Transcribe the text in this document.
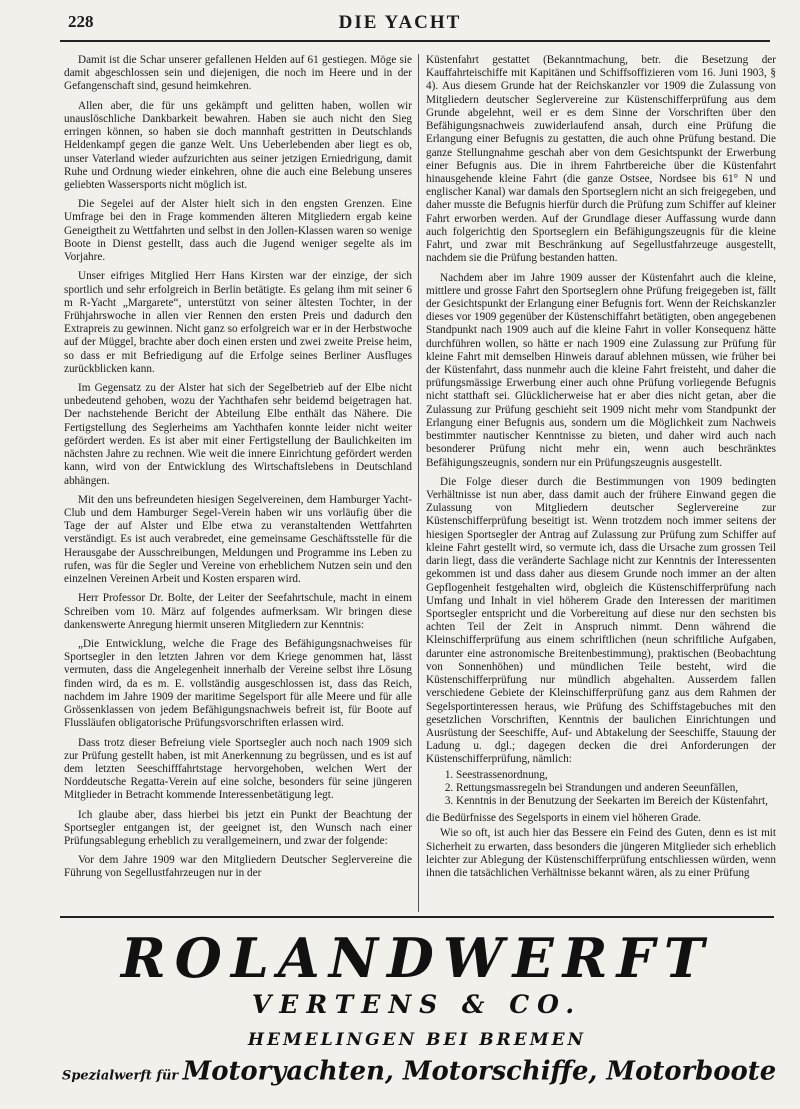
228	DIE YACHT

Damit ist die Schar unserer gefallenen Helden auf 61 gestiegen. Möge sie damit abgeschlossen sein und diejenigen, die noch im Heere und in der Gefangenschaft sind, gesund heimkehren.

Allen aber, die für uns gekämpft und gelitten haben, wollen wir unauslöschliche Dankbarkeit bewahren. Haben sie auch nicht den Sieg erringen können, so haben sie doch mannhaft gestritten in Deutschlands Heldenkampf gegen die ganze Welt. Uns Ueberlebenden aber liegt es ob, unser Vaterland wieder aufzurichten aus seiner jetzigen Erniedrigung, damit Ruhe und Ordnung wieder einkehren, ohne die auch eine Belebung unseres geliebten Wassersports nicht möglich ist.

Die Segelei auf der Alster hielt sich in den engsten Grenzen. Eine Umfrage bei den in Frage kommenden älteren Mitgliedern ergab keine Geneigtheit zu Wettfahrten und selbst in den Jollen-Klassen waren so wenige Boote in Dienst gestellt, dass auch die Jugend weniger segelte als im Vorjahre.

Unser eifriges Mitglied Herr Hans Kirsten war der einzige, der sich sportlich und sehr erfolgreich in Berlin betätigte. Es gelang ihm mit seiner 6 m R-Yacht „Margarete“, unterstützt von seiner ältesten Tochter, in der Frühjahrswoche in allen vier Rennen den ersten Preis und dadurch den Extrapreis zu gewinnen. Nicht ganz so erfolgreich war er in der Herbstwoche auf der Müggel, brachte aber doch einen ersten und zwei zweite Preise heim, so dass er mit Befriedigung auf die Erfolge seines Berliner Ausfluges zurückblicken kann.

Im Gegensatz zu der Alster hat sich der Segelbetrieb auf der Elbe nicht unbedeutend gehoben, wozu der Yachthafen sehr beidemd beigetragen hat. Der nachstehende Bericht der Abteilung Elbe enthält das Nähere. Die Fertigstellung des Seglerheims am Yachthafen konnte leider nicht weiter gefördert werden. Es ist aber mit einer Fertigstellung der Baulichkeiten im nächsten Jahre zu rechnen. Wie weit die innere Einrichtung gefördert werden kann, wird von der Entwicklung des Wirtschaftslebens in Deutschland abhängen.

Mit den uns befreundeten hiesigen Segelvereinen, dem Hamburger Yacht-Club und dem Hamburger Segel-Verein haben wir uns vorläufig über die Tage der auf Alster und Elbe etwa zu veranstaltenden Wettfahrten verständigt. Es ist auch verabredet, eine gemeinsame Geschäftsstelle für die Herausgabe der Ausschreibungen, Meldungen und Programme ins Leben zu rufen, was für die Segler und Vereine von erheblichem Nutzen sein und den einzelnen Vereinen Arbeit und Kosten ersparen wird.

Herr Professor Dr. Bolte, der Leiter der Seefahrtschule, macht in einem Schreiben vom 10. März auf folgendes aufmerksam. Wir bringen diese dankenswerte Anregung hiermit unseren Mitgliedern zur Kenntnis:

„Die Entwicklung, welche die Frage des Befähigungsnachweises für Sportsegler in den letzten Jahren vor dem Kriege genommen hat, lässt vermuten, dass die Angelegenheit innerhalb der Vereine selbst ihre Lösung finden wird, da es m. E. vollständig ausgeschlossen ist, dass das Reich, nachdem im Jahre 1909 der maritime Segelsport für alle Meere und für alle Grössenklassen von jedem Befähigungsnachweis befreit ist, für Boote auf Flussläufen obligatorische Prüfungsvorschriften erlassen wird.

Dass trotz dieser Befreiung viele Sportsegler auch noch nach 1909 sich zur Prüfung gestellt haben, ist mit Anerkennung zu begrüssen, und es ist auf dem letzten Seeschifffahrtstage hervorgehoben, welchen Wert der Norddeutsche Regatta-Verein auf eine solche, besonders für seine jüngeren Mitglieder in Betracht kommende Interessenbetätigung legt.

Ich glaube aber, dass hierbei bis jetzt ein Punkt der Beachtung der Sportsegler entgangen ist, der geeignet ist, den Wunsch nach einer Prüfungsablegung erheblich zu verallgemeinern, und zwar der folgende:

Vor dem Jahre 1909 war den Mitgliedern Deutscher Seglervereine die Führung von Segellustfahrzeugen nur in der

Küstenfahrt gestattet (Bekanntmachung, betr. die Besetzung der Kauffahrteischiffe mit Kapitänen und Schiffsoffizieren vom 16. Juni 1903, § 4). Aus diesem Grunde hat der Reichskanzler vor 1909 die Zulassung von Mitgliedern deutscher Seglervereine zur Küstenschifferprüfung aus dem Grunde abgelehnt, weil er es dem Sinne der Vorschriften über den Befähigungsnachweis zuwiderlaufend ansah, durch eine Prüfung die Erlangung einer Befugnis zu gestatten, die auch ohne Prüfung bestand. Die ganze Stellungnahme geschah aber von dem Gesichtspunkt der Erwerbung einer Befugnis aus. Die in ihrem Fahrtbereiche über die Küstenfahrt hinausgehende kleine Fahrt (die ganze Ostsee, Nordsee bis 61° N und englischer Kanal) war damals den Sportseglern nicht an sich freigegeben, und daher musste die Befugnis hierfür durch die Prüfung zum Schiffer auf kleiner Fahrt erworben werden. Auf der Grundlage dieser Auffassung wurde dann auch folgerichtig den Sportseglern ein Befähigungszeugnis für die kleine Fahrt, und zwar mit Beschränkung auf Segellustfahrzeuge ausgestellt, nachdem sie die Prüfung bestanden hatten.

Nachdem aber im Jahre 1909 ausser der Küstenfahrt auch die kleine, mittlere und grosse Fahrt den Sportseglern ohne Prüfung freigegeben ist, fällt der Gesichtspunkt der Erlangung einer Befugnis fort. Wenn der Reichskanzler dieses vor 1909 gegenüber der Küstenschiffahrt betätigten, oben angegebenen Standpunkt nach 1909 auch auf die kleine Fahrt in voller Konsequenz hätte durchführen wollen, so hätte er nach 1909 eine Zulassung zur Prüfung für kleine Fahrt mit demselben Hinweis darauf ablehnen müssen, wie früher bei der Küstenfahrt, dass nunmehr auch die kleine Fahrt freisteht, und daher die prüfungsmässige Erwerbung einer auch ohne Prüfung vorliegende Befugnis nicht statthaft sei. Glücklicherweise hat er aber dies nicht getan, aber die Zulassung zur Prüfung geschieht seit 1909 nicht mehr vom Standpunkt der Erlangung einer Befugnis aus, sondern um die Möglichkeit zum Nachweis bestimmter nautischer Kenntnisse zu bieten, und daher wird auch nach besonderer Prüfung nicht mehr ein, wenn auch beschränktes Befähigungszeugnis, sondern nur ein Prüfungszeugnis ausgestellt.

Die Folge dieser durch die Bestimmungen von 1909 bedingten Verhältnisse ist nun aber, dass damit auch der frühere Einwand gegen die Zulassung von Mitgliedern deutscher Seglervereine zur Küstenschifferprüfung beseitigt ist. Wenn trotzdem noch immer seitens der hiesigen Sportsegler der Antrag auf Zulassung zur Prüfung zum Schiffer auf kleine Fahrt gestellt wird, so vermute ich, dass die Ursache zum grossen Teil darin liegt, dass die veränderte Sachlage nicht zur Kenntnis der Interessenten gekommen ist und dass daher aus diesem Grunde noch immer an der alten Gepflogenheit festgehalten wird, obgleich die Küstenschifferprüfung nach Umfang und Inhalt in viel höherem Grade den Interessen der maritimen Sportsegler entspricht und die Vorbereitung auf diese nur den sechsten bis achten Teil der Zeit in Anspruch nimmt. Denn während die Kleinschifferprüfung aus einem schriftlichen (neun schriftliche Aufgaben, darunter eine astronomische Breitenbestimmung), praktischen (Beobachtung von Sonnenhöhen) und mündlichen Teile besteht, wird die Küstenschifferprüfung nur mündlich abgehalten. Ausserdem fallen verschiedene Gebiete der Kleinschifferprüfung ganz aus dem Rahmen der Segelsportinteressen heraus, wie Prüfung des Schiffstagebuches mit den gesetzlichen Vorschriften, Kenntnis der baulichen Einrichtungen und Ausrüstung der Seeschiffe, Auf- und Abtakelung der Seeschiffe, Stauung der Ladung u. dgl.; dagegen decken die drei Anforderungen der Küstenschifferprüfung, nämlich:

1. Seestrassenordnung,
2. Rettungsmassregeln bei Strandungen und anderen Seeunfällen,
3. Kenntnis in der Benutzung der Seekarten im Bereich der Küstenfahrt,

die Bedürfnisse des Segelsports in einem viel höheren Grade.

Wie so oft, ist auch hier das Bessere ein Feind des Guten, denn es ist mit Sicherheit zu erwarten, dass besonders die jüngeren Mitglieder sich erheblich leichter zur Ablegung der Küstenschifferprüfung entschliessen würden, wenn ihnen die tatsächlichen Verhältnisse bekannt wären, als zu einer Prüfung

ROLANDWERFT
VERTENS & CO.
HEMELINGEN BEI BREMEN
Spezialwerft für Motoryachten, Motorschiffe, Motorboote
